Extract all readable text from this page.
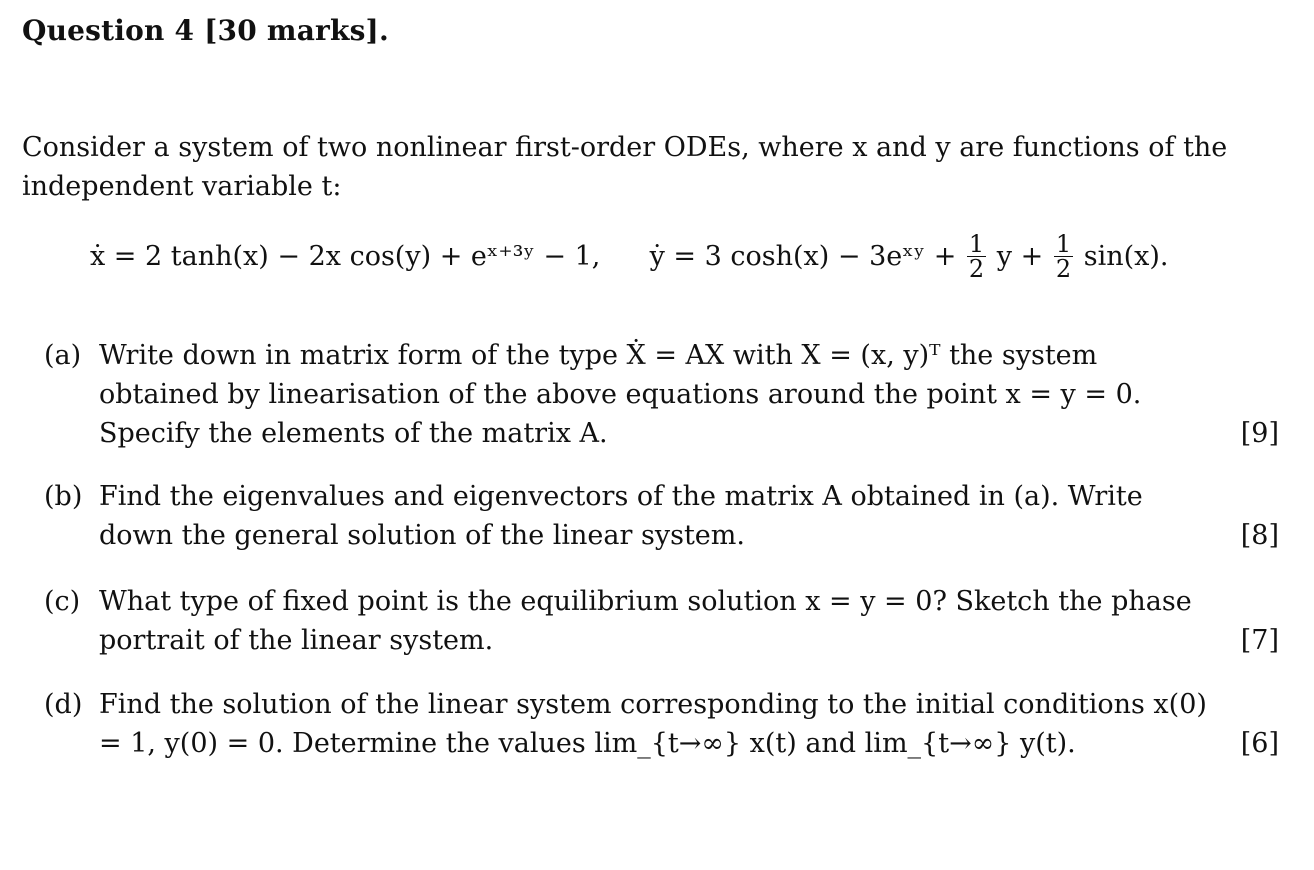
Question 4 [30 marks].
Consider a system of two nonlinear first-order ODEs, where x and y are functions of the independent variable t:
ẋ = 2 tanh(x) − 2x cos(y) + eˣ⁺³ʸ − 1, ẏ = 3 cosh(x) − 3eˣʸ + $\frac{1}{2}$ $y + \frac{1}{2} \sin(x)$.
(a) Write down in matrix form of the type Ẋ = AX with X = (x, y)ᵀ the system obtained by linearisation of the above equations around the point x = y = 0. Specify the elements of the matrix A.	[9]
(b) Find the eigenvalues and eigenvectors of the matrix A obtained in (a). Write down the general solution of the linear system.	[8]
(c) What type of fixed point is the equilibrium solution x = y = 0? Sketch the phase portrait of the linear system.	[7]
(d) Find the solution of the linear system corresponding to the initial conditions x(0) = 1, y(0) = 0. Determine the values lim_{t→∞} x(t) and lim_{t→∞} y(t).	[6]
